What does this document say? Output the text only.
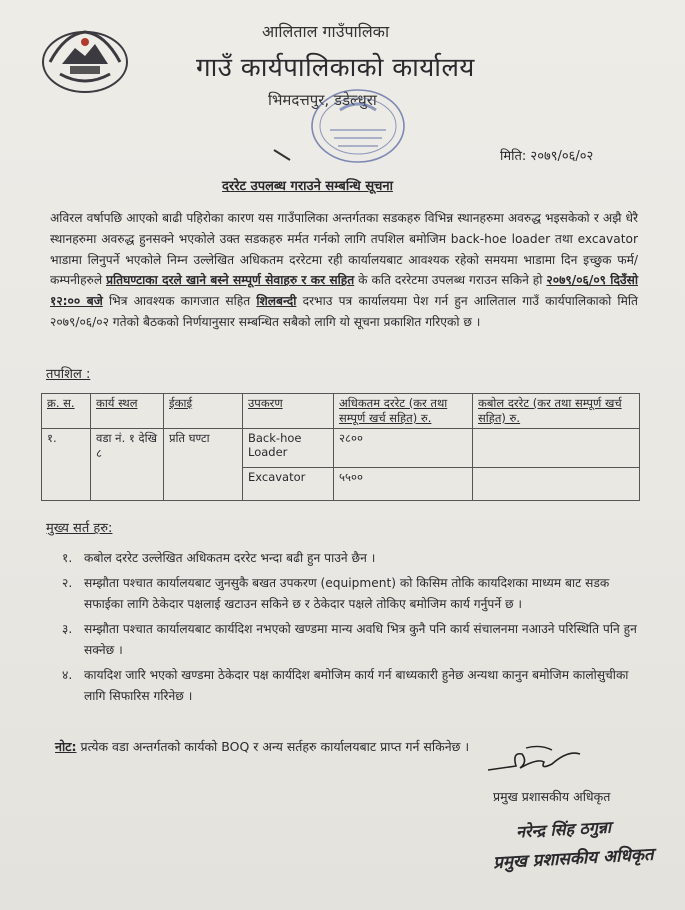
आलिताल गाउँपालिका
गाउँ कार्यपालिकाको कार्यालय
भिमदत्तपुर, डडेल्धुरा
मिति: २०७९/०६/०२
दररेट उपलब्ध गराउने सम्बन्धि सूचना
अविरल वर्षापछि आएको बाढी पहिरोका कारण यस गाउँपालिका अन्तर्गतका सडकहरु विभिन्न स्थानहरुमा अवरुद्ध भइसकेको र अझै धेरै स्थानहरुमा अवरुद्ध हुनसक्ने भएकोले उक्त सडकहरु मर्मत गर्नको लागि तपशिल बमोजिम back-hoe loader तथा excavator भाडामा लिनुपर्ने भएकोले निम्न उल्लेखित अधिकतम दररेटमा रही कार्यालयबाट आवश्यक रहेको समयमा भाडामा दिन इच्छुक फर्म/कम्पनीहरुले प्रतिघण्टाका दरले खाने बस्ने सम्पूर्ण सेवाहरु र कर सहित के कति दररेटमा उपलब्ध गराउन सकिने हो २०७९/०६/०९ दिउँसो १२:०० बजे भित्र आवश्यक कागजात सहित शिलबन्दी दरभाउ पत्र कार्यालयमा पेश गर्न हुन आलिताल गाउँ कार्यपालिकाको मिति २०७९/०६/०२ गतेको बैठकको निर्णयानुसार सम्बन्धित सबैको लागि यो सूचना प्रकाशित गरिएको छ ।
तपशिल :
क्र. स.	कार्य स्थल	ईकाई	उपकरण	अधिकतम दररेट (कर तथा सम्पूर्ण खर्च सहित) रु.	कबोल दररेट (कर तथा सम्पूर्ण खर्च सहित) रु.
१.	वडा नं. १ देखि ८	प्रति घण्टा	Back-hoe Loader	२८००	
			Excavator	५५००	
मुख्य सर्त हरु:
१. कबोल दररेट उल्लेखित अधिकतम दररेट भन्दा बढी हुन पाउने छैन ।
२. सम्झौता पश्चात कार्यालयबाट जुनसुकै बखत उपकरण (equipment) को किसिम तोकि कायदिशका माध्यम बाट सडक सफाईका लागि ठेकेदार पक्षलाई खटाउन सकिने छ र ठेकेदार पक्षले तोकिए बमोजिम कार्य गर्नुपर्ने छ ।
३. सम्झौता पश्चात कार्यालयबाट कार्यदिश नभएको खण्डमा मान्य अवधि भित्र कुनै पनि कार्य संचालनमा नआउने परिस्थिति पनि हुन सक्नेछ ।
४. कायदिश जारि भएको खण्डमा ठेकेदार पक्ष कार्यदिश बमोजिम कार्य गर्न बाध्यकारी हुनेछ अन्यथा कानुन बमोजिम कालोसुचीका लागि सिफारिस गरिनेछ ।
नोट: प्रत्येक वडा अन्तर्गतको कार्यको BOQ र अन्य सर्तहरु कार्यालयबाट प्राप्त गर्न सकिनेछ ।
प्रमुख प्रशासकीय अधिकृत
नरेन्द्र सिंह ठगुन्ना
प्रमुख प्रशासकीय अधिकृत
